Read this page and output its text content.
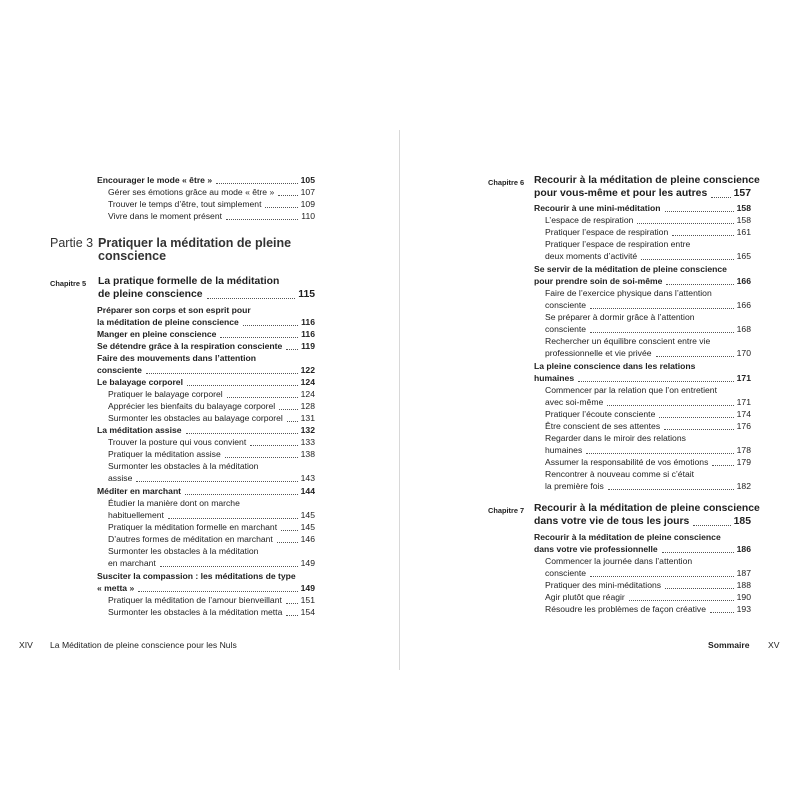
Encourager le mode « être »	105
Gérer ses émotions grâce au mode « être »	107
Trouver le temps d’être, tout simplement	109
Vivre dans le moment présent	110
Partie 3 Pratiquer la méditation de pleine
conscience
Chapitre 5 La pratique formelle de la méditation
de pleine conscience	115
Préparer son corps et son esprit pour
la méditation de pleine conscience	116
Manger en pleine conscience	116
Se détendre grâce à la respiration consciente 119
Faire des mouvements dans l’attention
consciente	122
Le balayage corporel	124
Pratiquer le balayage corporel	124
Apprécier les bienfaits du balayage corporel	128
Surmonter les obstacles au balayage corporel 131
La méditation assise	132
Trouver la posture qui vous convient	133
Pratiquer la méditation assise	138
Surmonter les obstacles à la méditation
assise	143
Méditer en marchant	144
Étudier la manière dont on marche
habituellement	145
Pratiquer la méditation formelle en marchant	145
D’autres formes de méditation en marchant	146
Surmonter les obstacles à la méditation
en marchant	149
Susciter la compassion : les méditations de type
« metta »	149
Pratiquer la méditation de l’amour bienveillant 151
Surmonter les obstacles à la méditation metta 154
XIV La Méditation de pleine conscience pour les Nuls
Chapitre 6 Recourir à la méditation de pleine conscience
pour vous-même et pour les autres	157
Recourir à une mini-méditation	158
L’espace de respiration	158
Pratiquer l’espace de respiration	161
Pratiquer l’espace de respiration entre
deux moments d’activité	165
Se servir de la méditation de pleine conscience
pour prendre soin de soi-même	166
Faire de l’exercice physique dans l’attention
consciente	166
Se préparer à dormir grâce à l’attention
consciente	168
Rechercher un équilibre conscient entre vie
professionnelle et vie privée	170
La pleine conscience dans les relations
humaines	171
Commencer par la relation que l’on entretient
avec soi-même	171
Pratiquer l’écoute consciente	174
Être conscient de ses attentes	176
Regarder dans le miroir des relations
humaines	178
Assumer la responsabilité de vos émotions	179
Rencontrer à nouveau comme si c’était
la première fois	182
Chapitre 7 Recourir à la méditation de pleine conscience
dans votre vie de tous les jours	185
Recourir à la méditation de pleine conscience
dans votre vie professionnelle	186
Commencer la journée dans l’attention
consciente	187
Pratiquer des mini-méditations	188
Agir plutôt que réagir	190
Résoudre les problèmes de façon créative	193
Sommaire XV
